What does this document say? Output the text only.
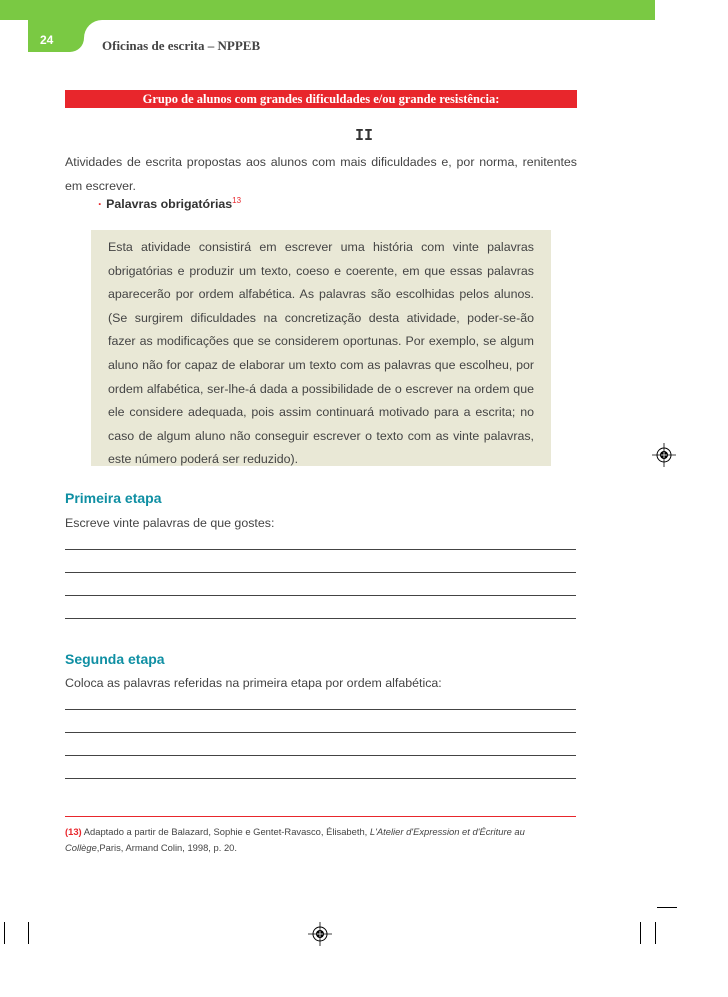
24	Oficinas de escrita – NPPEB
Grupo de alunos com grandes dificuldades e/ou grande resistência:
II
Atividades de escrita propostas aos alunos com mais dificuldades e, por norma, renitentes em escrever.
· Palavras obrigatórias$^{13}$
Esta atividade consistirá em escrever uma história com vinte palavras obrigatórias e produzir um texto, coeso e coerente, em que essas palavras aparecerão por ordem alfabética. As palavras são escolhidas pelos alunos. (Se surgirem dificuldades na concretização desta atividade, poder-se-ão fazer as modificações que se considerem oportunas. Por exemplo, se algum aluno não for capaz de elaborar um texto com as palavras que escolheu, por ordem alfabética, ser-lhe-á dada a possibilidade de o escrever na ordem que ele considere adequada, pois assim continuará motivado para a escrita; no caso de algum aluno não conseguir escrever o texto com as vinte palavras, este número poderá ser reduzido).
Primeira etapa
Escreve vinte palavras de que gostes:
Segunda etapa
Coloca as palavras referidas na primeira etapa por ordem alfabética:
(13) Adaptado a partir de Balazard, Sophie e Gentet-Ravasco, Élisabeth, L'Atelier d'Expression et d'Écriture au Collège,Paris, Armand Colin, 1998, p. 20.
